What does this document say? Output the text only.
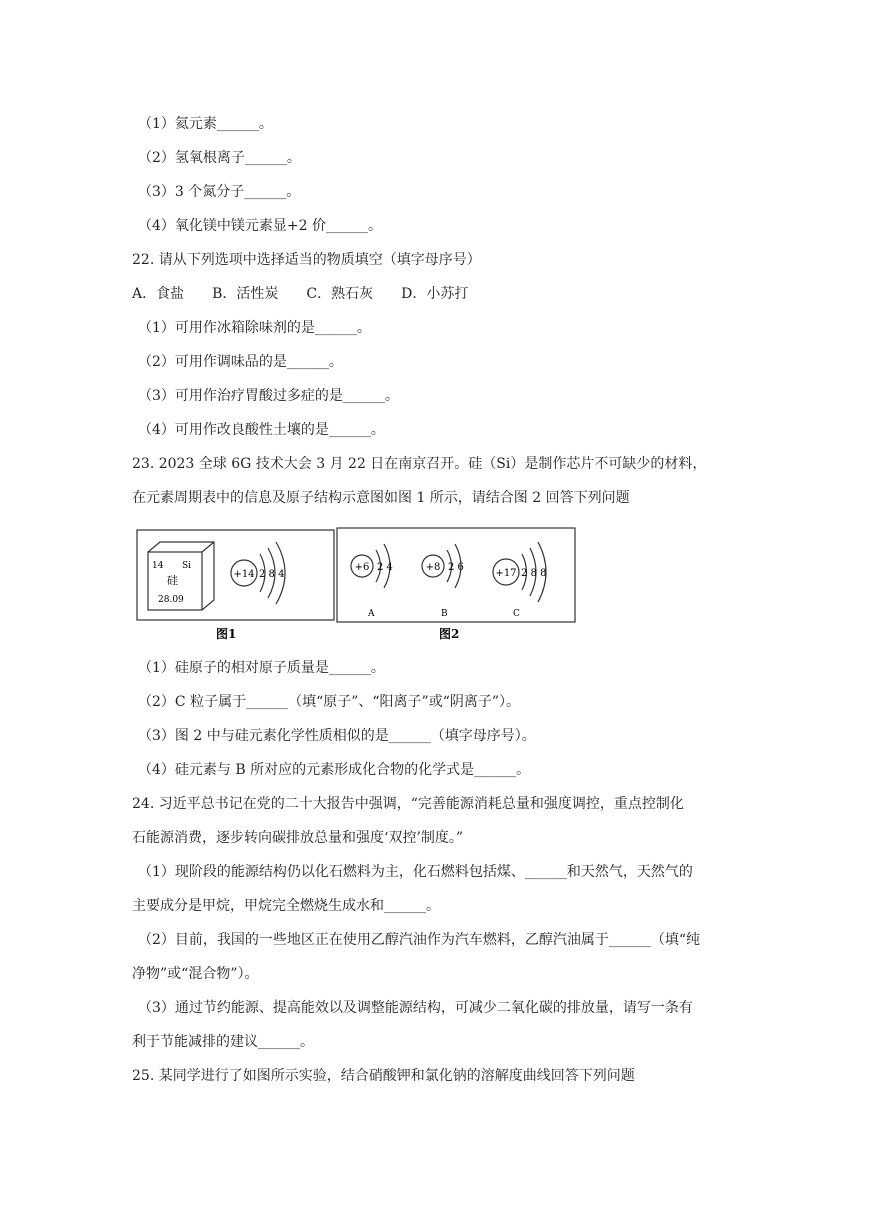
（1）氦元素______。
（2）氢氧根离子______。
（3）3 个氮分子______。
（4）氧化镁中镁元素显+2 价______。
22. 请从下列选项中选择适当的物质填空（填字母序号）
A．食盐　　B．活性炭　　C．熟石灰　　D．小苏打
（1）可用作冰箱除味剂的是______。
（2）可用作调味品的是______。
（3）可用作治疗胃酸过多症的是______。
（4）可用作改良酸性土壤的是______。
23. 2023 全球 6G 技术大会 3 月 22 日在南京召开。硅（Si）是制作芯片不可缺少的材料，
在元素周期表中的信息及原子结构示意图如图 1 所示，请结合图 2 回答下列问题
14 Si
硅
28.09
+14 2 8 4
图1
+6 2 4
A
+8 2 6
B
+17 2 8 8
C
图2
（1）硅原子的相对原子质量是______。
（2）C 粒子属于______（填“原子”、“阳离子”或“阴离子”）。
（3）图 2 中与硅元素化学性质相似的是______（填字母序号）。
（4）硅元素与 B 所对应的元素形成化合物的化学式是______。
24. 习近平总书记在党的二十大报告中强调，“完善能源消耗总量和强度调控，重点控制化
石能源消费，逐步转向碳排放总量和强度‘双控’制度。”
（1）现阶段的能源结构仍以化石燃料为主，化石燃料包括煤、______和天然气，天然气的
主要成分是甲烷，甲烷完全燃烧生成水和______。
（2）目前，我国的一些地区正在使用乙醇汽油作为汽车燃料，乙醇汽油属于______（填“纯
净物”或“混合物”）。
（3）通过节约能源、提高能效以及调整能源结构，可减少二氧化碳的排放量，请写一条有
利于节能减排的建议______。
25. 某同学进行了如图所示实验，结合硝酸钾和氯化钠的溶解度曲线回答下列问题
